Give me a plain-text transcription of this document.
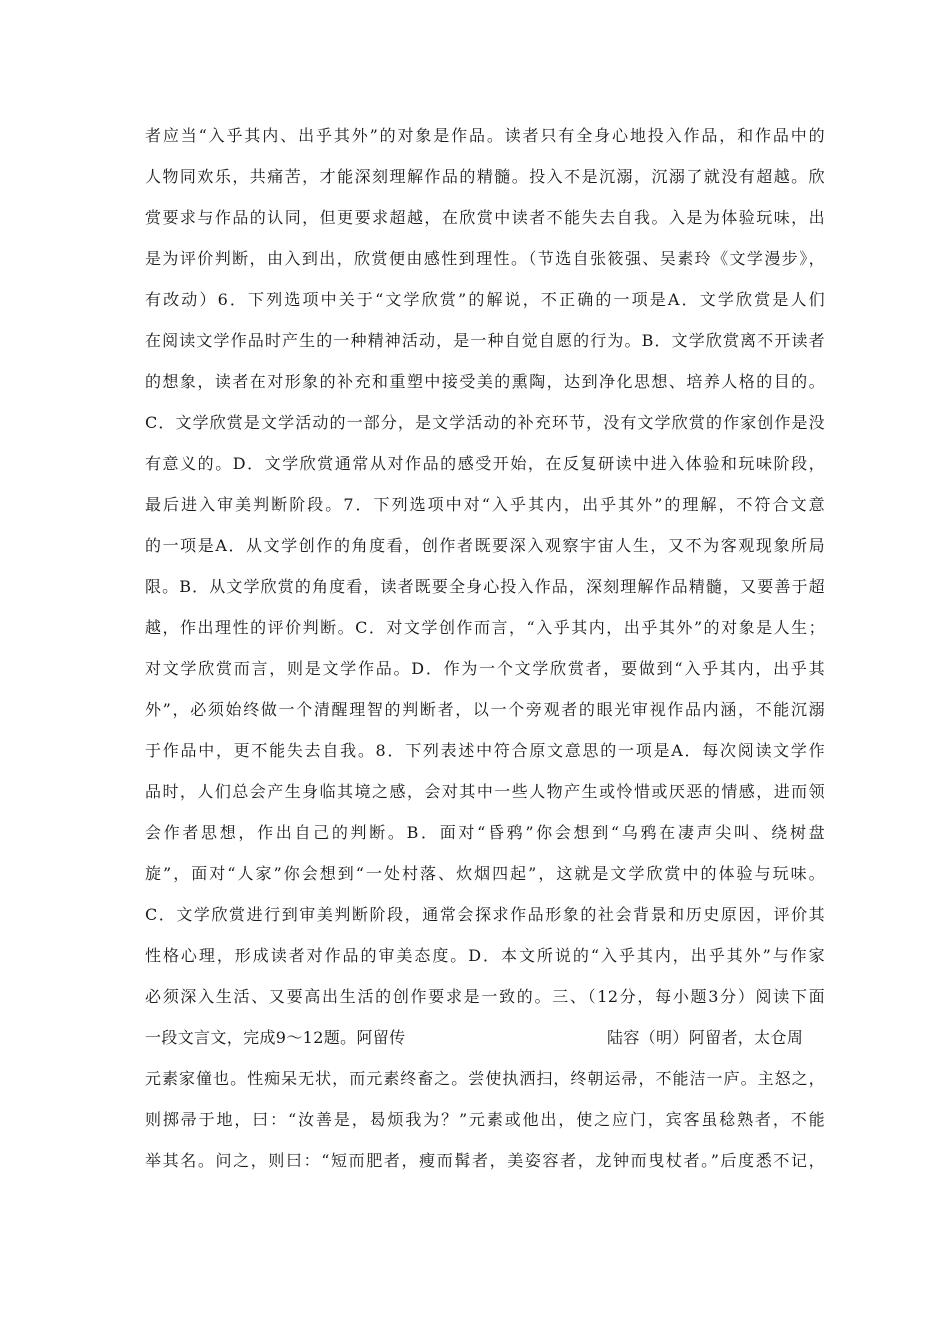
者应当“入乎其内、出乎其外”的对象是作品。读者只有全身心地投入作品，和作品中的
人物同欢乐，共痛苦，才能深刻理解作品的精髓。投入不是沉溺，沉溺了就没有超越。欣
赏要求与作品的认同，但更要求超越，在欣赏中读者不能失去自我。入是为体验玩味，出
是为评价判断，由入到出，欣赏便由感性到理性。（节选自张筱强、吴素玲《文学漫步》，
有改动）6．下列选项中关于“文学欣赏”的解说，不正确的一项是A．文学欣赏是人们
在阅读文学作品时产生的一种精神活动，是一种自觉自愿的行为。B．文学欣赏离不开读者
的想象，读者在对形象的补充和重塑中接受美的熏陶，达到净化思想、培养人格的目的。
C．文学欣赏是文学活动的一部分，是文学活动的补充环节，没有文学欣赏的作家创作是没
有意义的。D．文学欣赏通常从对作品的感受开始，在反复研读中进入体验和玩味阶段，
最后进入审美判断阶段。7．下列选项中对“入乎其内，出乎其外”的理解，不符合文意
的一项是A．从文学创作的角度看，创作者既要深入观察宇宙人生，又不为客观现象所局
限。B．从文学欣赏的角度看，读者既要全身心投入作品，深刻理解作品精髓，又要善于超
越，作出理性的评价判断。C．对文学创作而言，“入乎其内，出乎其外”的对象是人生；
对文学欣赏而言，则是文学作品。D．作为一个文学欣赏者，要做到“入乎其内，出乎其
外”，必须始终做一个清醒理智的判断者，以一个旁观者的眼光审视作品内涵，不能沉溺
于作品中，更不能失去自我。8．下列表述中符合原文意思的一项是A．每次阅读文学作
品时，人们总会产生身临其境之感，会对其中一些人物产生或怜惜或厌恶的情感，进而领
会作者思想，作出自己的判断。B．面对“昏鸦”你会想到“乌鸦在凄声尖叫、绕树盘
旋”，面对“人家”你会想到“一处村落、炊烟四起”，这就是文学欣赏中的体验与玩味。
C．文学欣赏进行到审美判断阶段，通常会探求作品形象的社会背景和历史原因，评价其
性格心理，形成读者对作品的审美态度。D．本文所说的“入乎其内，出乎其外”与作家
必须深入生活、又要高出生活的创作要求是一致的。三、（12分，每小题3分）阅读下面
一段文言文，完成9～12题。阿留传	陆容（明）阿留者，太仓周
元素家僮也。性痴呆无状，而元素终畜之。尝使执洒扫，终朝运帚，不能洁一庐。主怒之，
则掷帚于地，曰：“汝善是，曷烦我为？”元素或他出，使之应门，宾客虽稔熟者，不能
举其名。问之，则曰：“短而肥者，瘦而髯者，美姿容者，龙钟而曳杖者。”后度悉不记，
